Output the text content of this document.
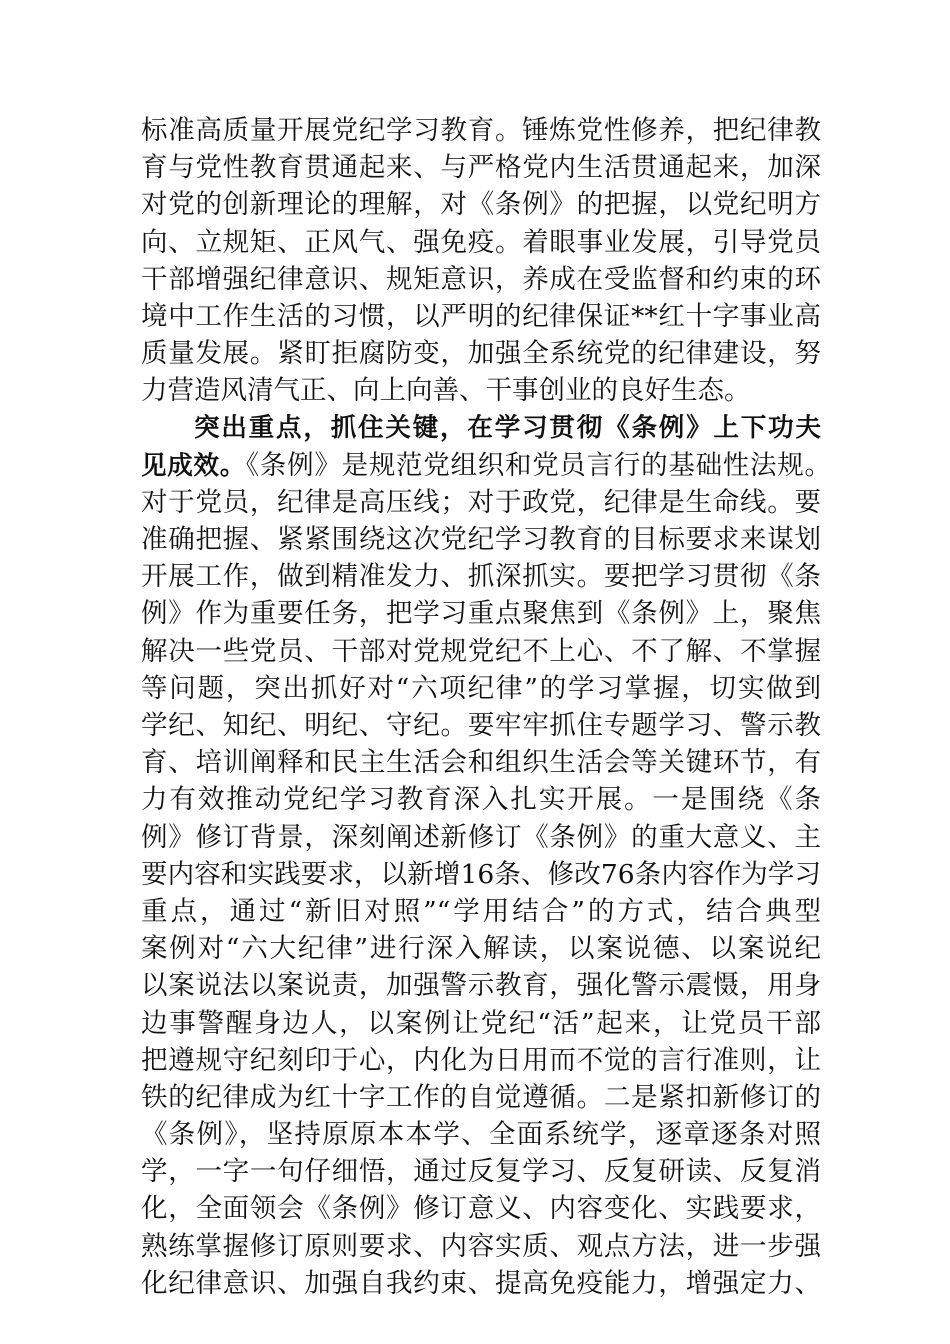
标准高质量开展党纪学习教育。锤炼党性修养，把纪律教
育与党性教育贯通起来、与严格党内生活贯通起来，加深
对党的创新理论的理解，对《条例》的把握，以党纪明方
向、立规矩、正风气、强免疫。着眼事业发展，引导党员
干部增强纪律意识、规矩意识，养成在受监督和约束的环
境中工作生活的习惯，以严明的纪律保证**红十字事业高
质量发展。紧盯拒腐防变，加强全系统党的纪律建设，努
力营造风清气正、向上向善、干事创业的良好生态。
突出重点，抓住关键，在学习贯彻《条例》上下功夫
见成效。《条例》是规范党组织和党员言行的基础性法规。
对于党员，纪律是高压线；对于政党，纪律是生命线。要
准确把握、紧紧围绕这次党纪学习教育的目标要求来谋划
开展工作，做到精准发力、抓深抓实。要把学习贯彻《条
例》作为重要任务，把学习重点聚焦到《条例》上，聚焦
解决一些党员、干部对党规党纪不上心、不了解、不掌握
等问题，突出抓好对“六项纪律”的学习掌握，切实做到
学纪、知纪、明纪、守纪。要牢牢抓住专题学习、警示教
育、培训阐释和民主生活会和组织生活会等关键环节，有
力有效推动党纪学习教育深入扎实开展。一是围绕《条
例》修订背景，深刻阐述新修订《条例》的重大意义、主
要内容和实践要求，以新增16条、修改76条内容作为学习
重点，通过“新旧对照”“学用结合”的方式，结合典型
案例对“六大纪律”进行深入解读，以案说德、以案说纪
以案说法以案说责，加强警示教育，强化警示震慑，用身
边事警醒身边人，以案例让党纪“活”起来，让党员干部
把遵规守纪刻印于心，内化为日用而不觉的言行准则，让
铁的纪律成为红十字工作的自觉遵循。二是紧扣新修订的
《条例》，坚持原原本本学、全面系统学，逐章逐条对照
学，一字一句仔细悟，通过反复学习、反复研读、反复消
化，全面领会《条例》修订意义、内容变化、实践要求，
熟练掌握修订原则要求、内容实质、观点方法，进一步强
化纪律意识、加强自我约束、提高免疫能力，增强定力、
